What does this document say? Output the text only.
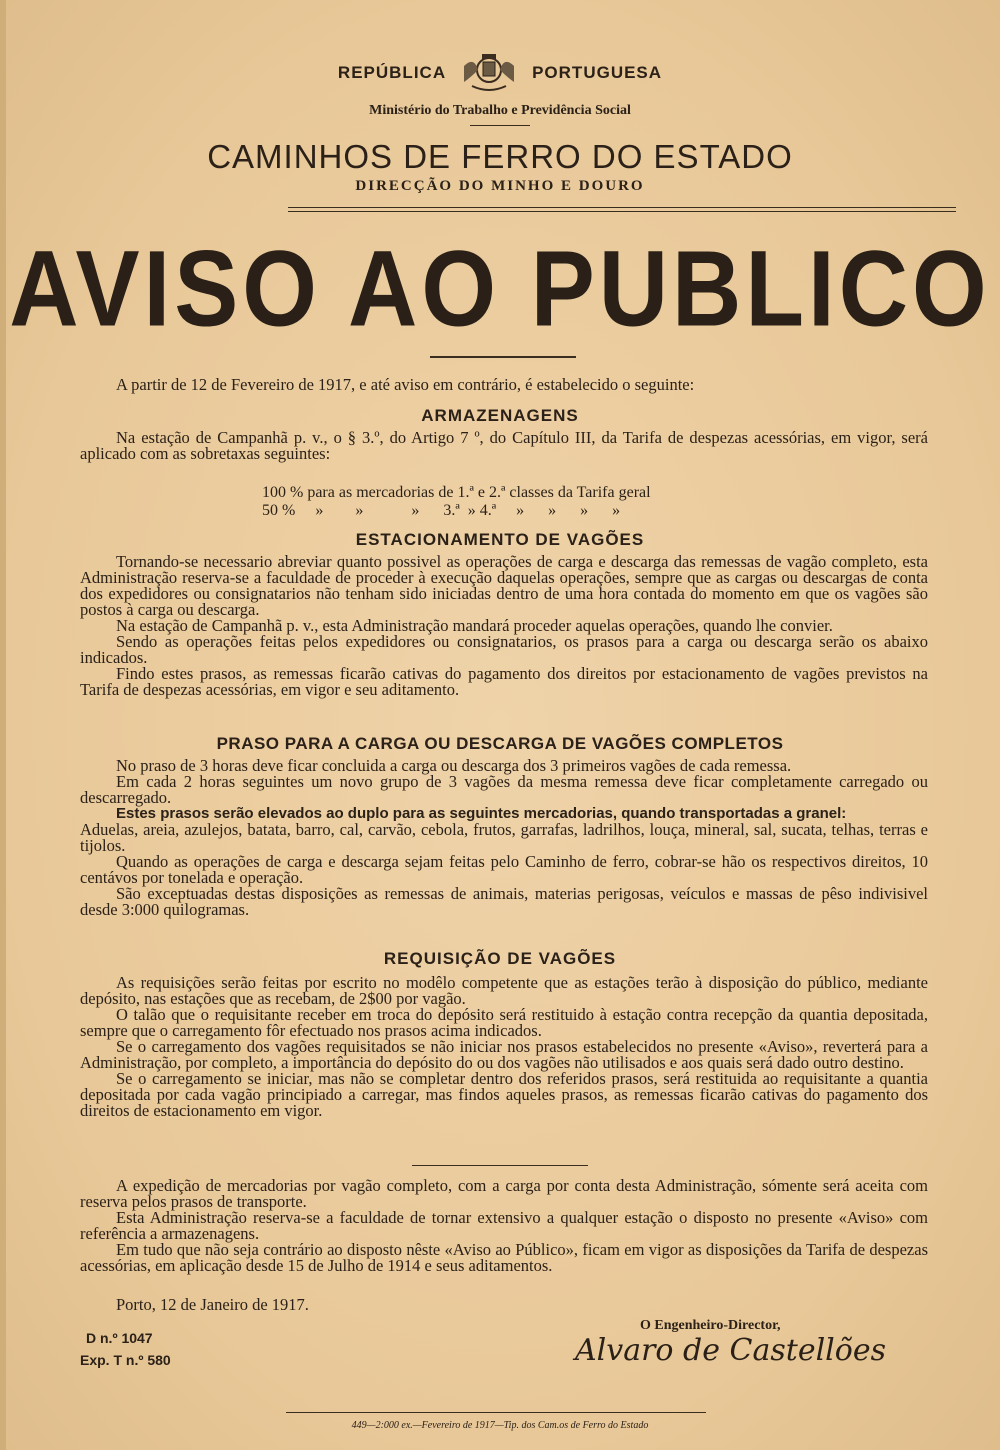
REPÚBLICA	PORTUGUESA
Ministério do Trabalho e Previdência Social
CAMINHOS DE FERRO DO ESTADO
DIRECÇÃO DO MINHO E DOURO
AVISO AO PUBLICO

A partir de 12 de Fevereiro de 1917, e até aviso em contrário, é estabelecido o seguinte:

ARMAZENAGENS

Na estação de Campanhã p. v., o § 3.º, do Artigo 7 º, do Capítulo III, da Tarifa de despezas acessórias, em vigor, será aplicado com as sobretaxas seguintes:

100 % para as mercadorias de 1.ª e 2.ª classes da Tarifa geral
50 %     »        »            »      3.ª  » 4.ª     »      »      »      »
ESTACIONAMENTO DE VAGÕES

Tornando-se necessario abreviar quanto possivel as operações de carga e descarga das remessas de vagão completo, esta Administração reserva-se a faculdade de proceder à execução daquelas operações, sempre que as cargas ou descargas de conta dos expedidores ou consignatarios não tenham sido iniciadas dentro de uma hora contada do momento em que os vagões são postos à carga ou descarga.

Na estação de Campanhã p. v., esta Administração mandará proceder aquelas operações, quando lhe convier.

Sendo as operações feitas pelos expedidores ou consignatarios, os prasos para a carga ou descarga serão os abaixo indicados.

Findo estes prasos, as remessas ficarão cativas do pagamento dos direitos por estacionamento de vagões previstos na Tarifa de despezas acessórias, em vigor e seu aditamento.

PRASO PARA A CARGA OU DESCARGA DE VAGÕES COMPLETOS

No praso de 3 horas deve ficar concluida a carga ou descarga dos 3 primeiros vagões de cada remessa.

Em cada 2 horas seguintes um novo grupo de 3 vagões da mesma remessa deve ficar completamente carregado ou descarregado.

Estes prasos serão elevados ao duplo para as seguintes mercadorias, quando transportadas a granel:

Aduelas, areia, azulejos, batata, barro, cal, carvão, cebola, frutos, garrafas, ladrilhos, louça, mineral, sal, sucata, telhas, terras e tijolos.

Quando as operações de carga e descarga sejam feitas pelo Caminho de ferro, cobrar-se hão os respectivos direitos, 10 centávos por tonelada e operação.

São exceptuadas destas disposições as remessas de animais, materias perigosas, veículos e massas de pêso indivisivel desde 3:000 quilogramas.

REQUISIÇÃO DE VAGÕES

As requisições serão feitas por escrito no modêlo competente que as estações terão à disposição do público, mediante depósito, nas estações que as recebam, de 2$00 por vagão.

O talão que o requisitante receber em troca do depósito será restituido à estação contra recepção da quantia depositada, sempre que o carregamento fôr efectuado nos prasos acima indicados.

Se o carregamento dos vagões requisitados se não iniciar nos prasos estabelecidos no presente «Aviso», reverterá para a Administração, por completo, a importância do depósito do ou dos vagões não utilisados e aos quais será dado outro destino.

Se o carregamento se iniciar, mas não se completar dentro dos referidos prasos, será restituida ao requisitante a quantia depositada por cada vagão principiado a carregar, mas findos aqueles prasos, as remessas ficarão cativas do pagamento dos direitos de estacionamento em vigor.

A expedição de mercadorias por vagão completo, com a carga por conta desta Administração, sómente será aceita com reserva pelos prasos de transporte.

Esta Administração reserva-se a faculdade de tornar extensivo a qualquer estação o disposto no presente «Aviso» com referência a armazenagens.

Em tudo que não seja contrário ao disposto nêste «Aviso ao Público», ficam em vigor as disposições da Tarifa de despezas acessórias, em aplicação desde 15 de Julho de 1914 e seus aditamentos.

Porto, 12 de Janeiro de 1917.
O Engenheiro-Director,
Alvaro de Castellões
D n.º 1047
Exp. T n.º 580
449—2:000 ex.—Fevereiro de 1917—Tip. dos Cam.os de Ferro do Estado
